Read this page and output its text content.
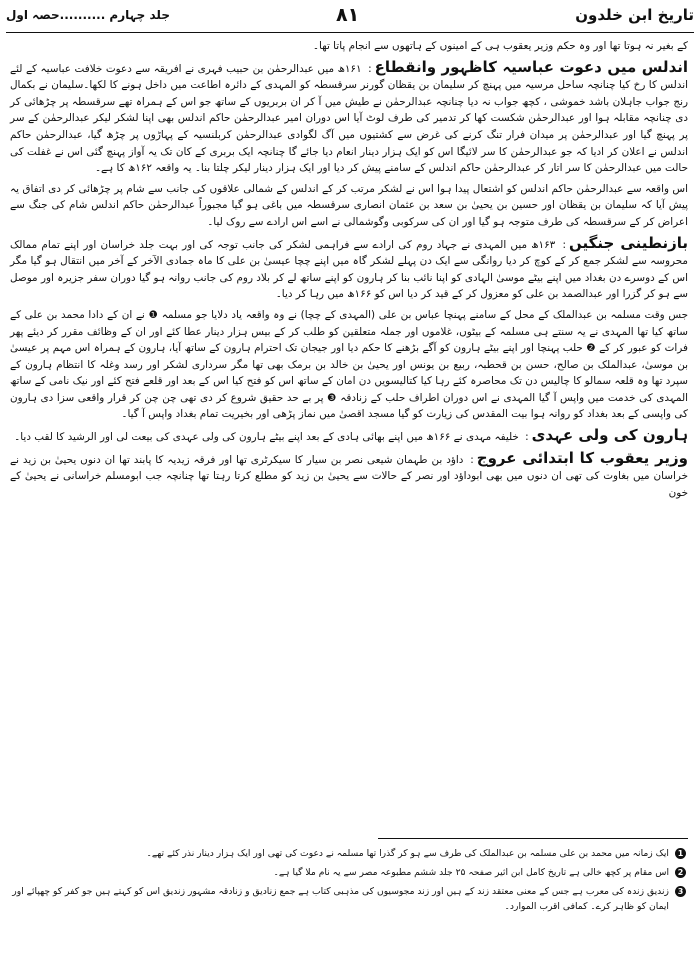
تاریخ ابن خلدون
۸۱
جلد چہارم ..........حصہ اول

کے بغیر نہ ہوتا تھا اور وہ حکم وزیر یعقوب ہی کے امینوں کے ہاتھوں سے انجام پاتا تھا۔

اندلس میں دعوت عباسیہ کاظہور وانقطاع: ۱۶۱ھ میں عبدالرحمٰن بن حبیب فہری نے افریقہ سے دعوت خلافت عباسیہ کے لئے اندلس کا رخ کیا چنانچہ ساحل مرسیہ میں پہنچ کر سلیمان بن یقظان گورنر سرقسطہ کو المہدی کے دائرہ اطاعت میں داخل ہونے کا لکھا۔سلیمان نے بکمال رنج جواب جاہلان باشد خموشی ، کچھ جواب نہ دیا چنانچہ عبدالرحمٰن نے طیش میں آ کر ان بربریوں کے ساتھ جو اس کے ہمراہ تھے سرقسطہ پر چڑھائی کر دی چنانچہ مقابلہ ہوا اور عبدالرحمٰن شکست کھا کر تدمیر کی طرف لوٹ آیا اس دوران امیر عبدالرحمٰن حاکم اندلس بھی اپنا لشکر لیکر عبدالرحمٰن کے سر پر پہنچ گیا اور عبدالرحمٰن پر میدان فرار تنگ کرنے کی غرض سے کشتیوں میں آگ لگوادی عبدالرحمٰن کربلنسیہ کے پہاڑوں پر چڑھ گیا، عبدالرحمٰن حاکم اندلس نے اعلان کر ادیا کہ جو عبدالرحمٰن کا سر لائیگا اس کو ایک ہزار دینار انعام دیا جائے گا چنانچہ ایک بربری کے کان تک یہ آواز پہنچ گئی اس نے غفلت کی حالت میں عبدالرحمٰن کا سر اتار کر عبدالرحمٰن حاکم اندلس کے سامنے پیش کر دیا اور ایک ہزار دینار لیکر چلتا بنا۔ یہ واقعہ ۱۶۲ھ کا ہے۔

اس واقعہ سے عبدالرحمٰن حاکم اندلس کو اشتعال پیدا ہوا اس نے لشکر مرتب کر کے اندلس کے شمالی علاقوں کی جانب سے شام پر چڑھائی کر دی اتفاق یہ پیش آیا کہ سلیمان بن یقظان اور حسین بن یحییٰ بن سعد بن عثمان انصاری سرقسطہ میں باغی ہو گیا مجبوراً عبدالرحمٰن حاکم اندلس شام کی جنگ سے اعراض کر کے سرقسطہ کی طرف متوجہ ہو گیا اور ان کی سرکوبی وگوشمالی نے اسے اس ارادے سے روک لیا۔

بازنطینی جنگیں: ۱۶۳ھ میں المہدی نے جہاد روم کی ارادے سے فراہمی لشکر کی جانب توجہ کی اور بہت جلد خراسان اور اپنے تمام ممالک محروسہ سے لشکر جمع کر کے کوچ کر دیا روانگی سے ایک دن پہلے لشکر گاہ میں اپنے چچا عیسیٰ بن علی کا ماہ جمادی الآخر کے آخر میں انتقال ہو گیا مگر اس کے دوسرے دن بغداد میں اپنے بیٹے موسیٰ الہادی کو اپنا نائب بنا کر ہارون کو اپنے ساتھ لے کر بلاد روم کی جانب روانہ ہو گیا دوران سفر جزیرہ اور موصل سے ہو کر گزرا اور عبدالصمد بن علی کو معزول کر کے قید کر دیا اس کو ۱۶۶ھ میں رہا کر دیا۔

جس وقت مسلمہ بن عبدالملک کے محل کے سامنے پہنچا عباس بن علی (المہدی کے چچا) نے وہ واقعہ یاد دلایا جو مسلمہ ❶ نے ان کے دادا محمد بن علی کے ساتھ کیا تھا المہدی نے یہ سنتے ہی مسلمہ کے بیٹوں، غلاموں اور جملہ متعلقین کو طلب کر کے بیس ہزار دینار عطا کئے اور ان کے وظائف مقرر کر دیئے پھر فرات کو عبور کر کے ❷ حلب پہنچا اور اپنے بیٹے ہارون کو آگے بڑھنے کا حکم دیا اور جیجان تک احترام ہارون کے ساتھ آیا، ہارون کے ہمراہ اس مہم پر عیسیٰ بن موسیٰ، عبدالملک بن صالح، حسن بن قحطبہ، ربیع بن یونس اور یحییٰ بن خالد بن برمک بھی تھا مگر سرداری لشکر اور رسد وغلہ کا انتظام ہارون کے سپرد تھا وہ قلعہ سمالو کا چالیس دن تک محاصرہ کئے رہا کیا کتالیسویں دن امان کے ساتھ اس کو فتح کیا اس کے بعد اور قلعے فتح کئے اور نیک نامی کے ساتھ المہدی کی خدمت میں واپس آ گیا المہدی نے اس دوران اطراف حلب کے زنادقہ ❸ پر بے حد حقیق شروع کر دی تھی چن چن کر قرار واقعی سزا دی ہارون کی واپسی کے بعد بغداد کو روانہ ہوا بیت المقدس کی زیارت کو گیا مسجد اقصیٰ میں نماز پڑھی اور بخیریت تمام بغداد واپس آ گیا۔

ہارون کی ولی عہدی: خلیفہ مہدی نے ۱۶۶ھ میں اپنے بھائی ہادی کے بعد اپنے بیٹے ہارون کی ولی عہدی کی بیعت لی اور الرشید کا لقب دیا۔

وزیر یعقوب کا ابتدائی عروج: داؤد بن طہمان شیعی نصر بن سیار کا سیکرٹری تھا اور فرقہ زیدیہ کا پابند تھا ان دنوں یحییٰ بن زید نے خراسان میں بغاوت کی تھی ان دنوں میں بھی ابوداؤد اور نصر کے حالات سے یحییٰ بن زید کو مطلع کرتا رہتا تھا چنانچہ جب ابومسلم خراسانی نے یحییٰ کے خون

1
ایک زمانہ میں محمد بن علی مسلمہ بن عبدالملک کی طرف سے ہو کر گذرا تھا مسلمہ نے دعوت کی تھی اور ایک ہزار دینار نذر کئے تھے۔
2
اس مقام پر کچھ خالی ہے تاریخ کامل ابن اثیر صفحہ ۲۵ جلد ششم مطبوعہ مصر سے یہ نام ملا گیا ہے۔
3
زندیق زندہ کی معرب ہے جس کے معنی معتقد زند کے ہیں اور زند مجوسیوں کی مذہبی کتاب ہے جمع زنادیق و زنادقہ مشہور زندیق اس کو کہتے ہیں جو کفر کو چھپائے اور ایمان کو ظاہر کرے۔ کمافی اقرب الموارد۔
